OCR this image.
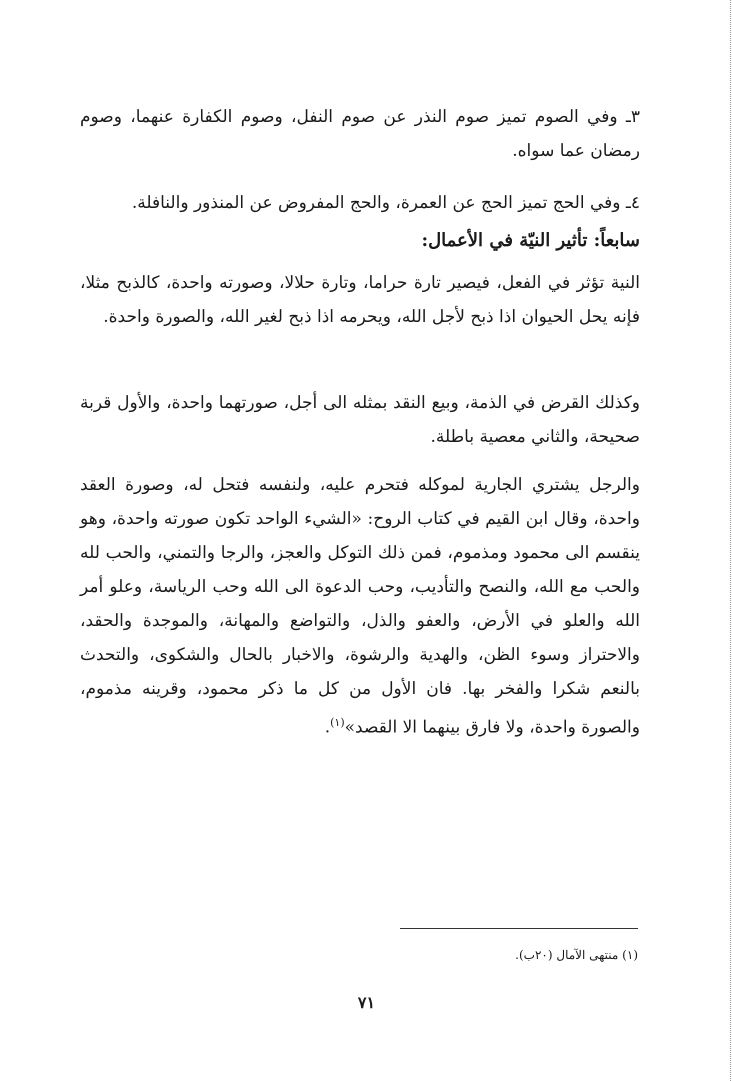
٣ـ وفي الصوم تميز صوم النذر عن صوم النفل، وصوم الكفارة عنهما، وصوم رمضان عما سواه.

٤ـ وفي الحج تميز الحج عن العمرة، والحج المفروض عن المنذور والنافلة.

سابعاً: تأثير النيّة في الأعمال:

النية تؤثر في الفعل، فيصير تارة حراما، وتارة حلالا، وصورته واحدة، كالذبح مثلا، فإنه يحل الحيوان اذا ذبح لأجل الله، ويحرمه اذا ذبح لغير الله، والصورة واحدة.

وكذلك القرض في الذمة، وبيع النقد بمثله الى أجل، صورتهما واحدة، والأول قربة صحيحة، والثاني معصية باطلة.

والرجل يشتري الجارية لموكله فتحرم عليه، ولنفسه فتحل له، وصورة العقد واحدة، وقال ابن القيم في كتاب الروح: «الشيء الواحد تكون صورته واحدة، وهو ينقسم الى محمود ومذموم، فمن ذلك التوكل والعجز، والرجا والتمني، والحب لله والحب مع الله، والنصح والتأديب، وحب الدعوة الى الله وحب الرياسة، وعلو أمر الله والعلو في الأرض، والعفو والذل، والتواضع والمهانة، والموجدة والحقد، والاحتراز وسوء الظن، والهدية والرشوة، والاخبار بالحال والشكوى، والتحدث بالنعم شكرا والفخر بها. فان الأول من كل ما ذكر محمود، وقرينه مذموم، والصورة واحدة، ولا فارق بينهما الا القصد»$^{(١)}$.

(١) منتهى الآمال (٢٠ب).
٧١
